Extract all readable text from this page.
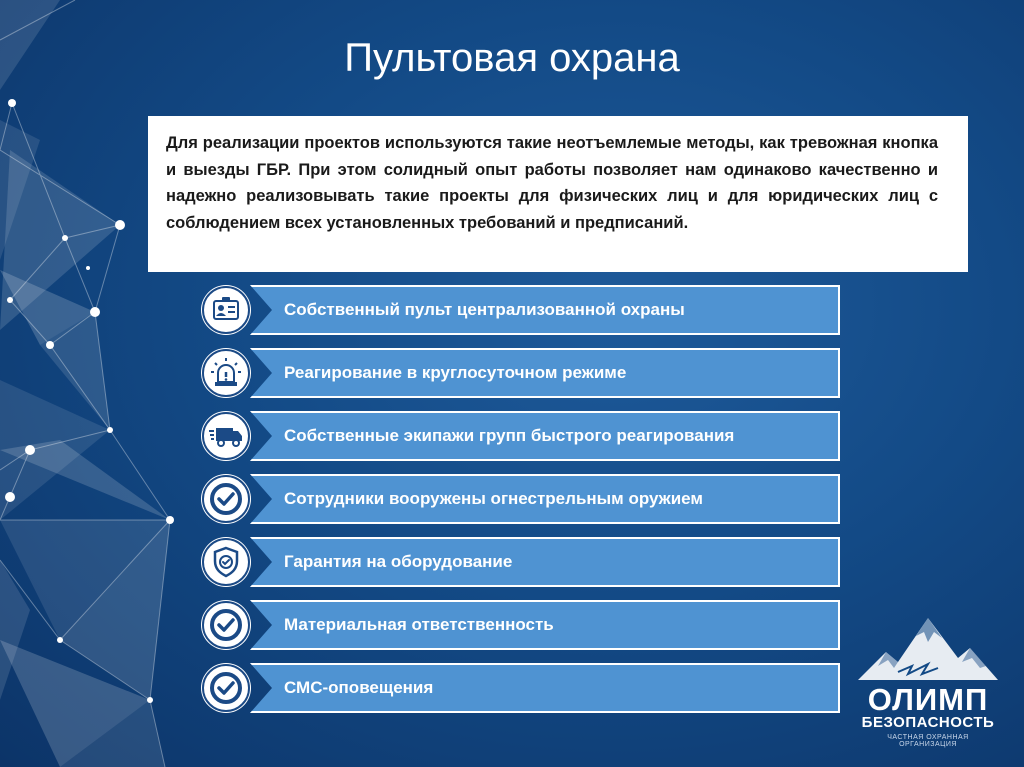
Пультовая охрана
Для реализации проектов используются такие неотъемлемые методы, как тревожная кнопка и выезды ГБР. При этом солидный опыт работы позволяет нам одинаково качественно и надежно реализовывать такие проекты для физических лиц и для юридических лиц с соблюдением всех установленных требований и предписаний.
Собственный пульт централизованной охраны
Реагирование в круглосуточном режиме
Собственные экипажи групп быстрого реагирования
Сотрудники вооружены огнестрельным оружием
Гарантия на оборудование
Материальная ответственность
СМС-оповещения	ОЛИМП
БЕЗОПАСНОСТЬ
ЧАСТНАЯ ОХРАННАЯ ОРГАНИЗАЦИЯ
